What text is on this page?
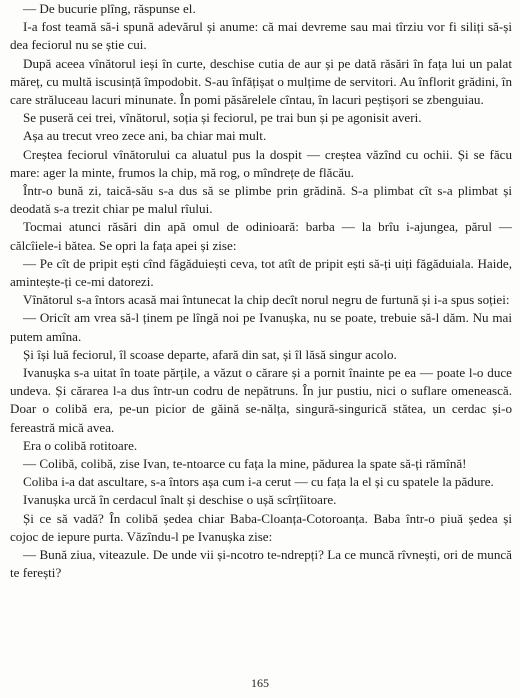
— De bucurie plîng, răspunse el.

I-a fost teamă să-i spună adevărul și anume: că mai devreme sau mai tîrziu vor fi siliți să-și dea feciorul nu se știe cui.

După aceea vînătorul ieși în curte, deschise cutia de aur și pe dată răsări în fața lui un palat măreț, cu multă iscusință împodobit. S-au înfățișat o mulțime de servitori. Au înflorit grădini, în care străluceau lacuri minunate. În pomi păsărelele cîntau, în lacuri peștișori se zbenguiau.

Se puseră cei trei, vînătorul, soția și feciorul, pe trai bun și pe agonisit averi.

Așa au trecut vreo zece ani, ba chiar mai mult.

Creștea feciorul vînătorului ca aluatul pus la dospit — creștea văzînd cu ochii. Și se făcu mare: ager la minte, frumos la chip, mă rog, o mîndrețe de flăcău.

Într-o bună zi, taică-său s-a dus să se plimbe prin grădină. S-a plimbat cît s-a plimbat și deodată s-a trezit chiar pe malul rîului.

Tocmai atunci răsări din apă omul de odinioară: barba — la brîu i-ajungea, părul — călcîiele-i bătea. Se opri la fața apei și zise:

— Pe cît de pripit ești cînd făgăduiești ceva, tot atît de pripit ești să-ți uiți făgăduiala. Haide, amintește-ți ce-mi datorezi.

Vînătorul s-a întors acasă mai întunecat la chip decît norul negru de furtună și i-a spus soției:

— Oricît am vrea să-l ținem pe lîngă noi pe Ivanușka, nu se poate, trebuie să-l dăm. Nu mai putem amîna.

Și își luă feciorul, îl scoase departe, afară din sat, și îl lăsă singur acolo.

Ivanușka s-a uitat în toate părțile, a văzut o cărare și a pornit înainte pe ea — poate l-o duce undeva. Și cărarea l-a dus într-un codru de nepătruns. În jur pustiu, nici o suflare omenească. Doar o colibă era, pe-un picior de găină se-nălța, singură-singurică stătea, un cerdac și-o fereastră mică avea.

Era o colibă rotitoare.

— Colibă, colibă, zise Ivan, te-ntoarce cu fața la mine, pădurea la spate să-ți rămînă!

Coliba i-a dat ascultare, s-a întors așa cum i-a cerut — cu fața la el și cu spatele la pădure.

Ivanușka urcă în cerdacul înalt și deschise o ușă scîrțîitoare.

Și ce să vadă? În colibă ședea chiar Baba-Cloanța-Cotoroanța. Baba într-o piuă ședea și cojoc de iepure purta. Văzîndu-l pe Ivanușka zise:

— Bună ziua, viteazule. De unde vii și-ncotro te-ndrepți? La ce muncă rîvnești, ori de muncă te ferești?

165
